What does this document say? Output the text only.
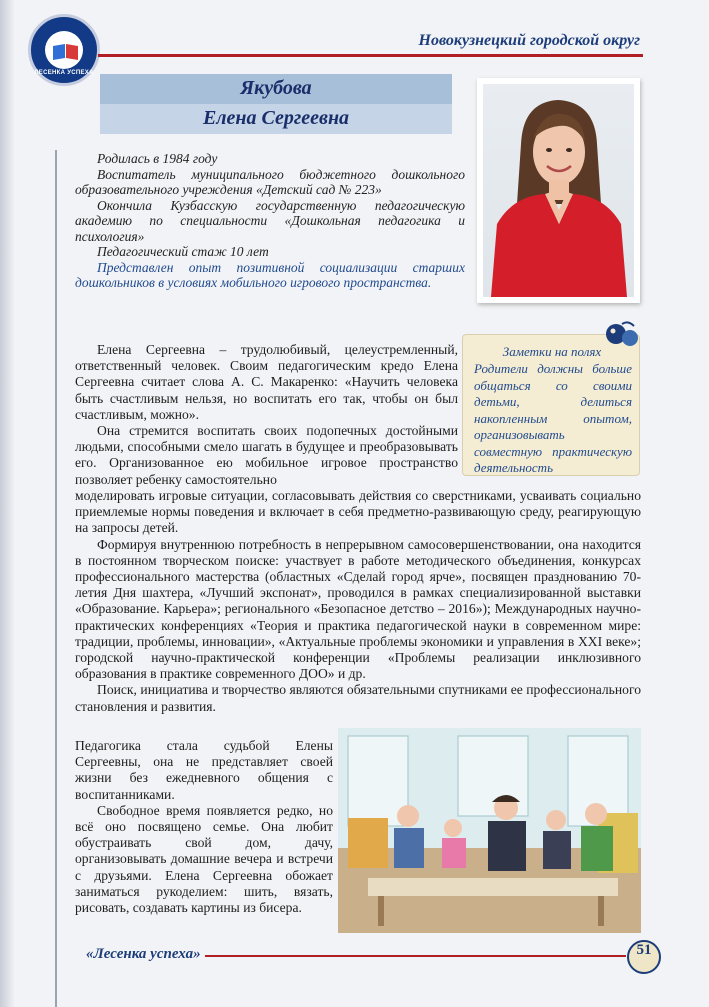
ЛЕСЕНКА УСПЕХА
Новокузнецкий городской округ
Якубова
Елена Сергеевна

Родилась в 1984 году

Воспитатель муниципального бюджетного дошкольного образовательного учреждения «Детский сад № 223»

Окончила Кузбасскую государственную педагогическую академию по специальности «Дошкольная педагогика и психология»

Педагогический стаж 10 лет

Представлен опыт позитивной социализации старших дошкольников в условиях мобильного игрового пространства.

Заметки на полях
Родители должны больше общаться со своими детьми, делиться накопленным опытом, организовывать совместную практическую деятельность

Елена Сергеевна – трудолюбивый, целеустремленный, ответственный человек. Своим педагогическим кредо Елена Сергеевна считает слова А. С. Макаренко: «Научить человека быть счастливым нельзя, но воспитать его так, чтобы он был счастливым, можно».

Она стремится воспитать своих подопечных достойными людьми, способными смело шагать в будущее и преобразовывать его. Организованное ею мобильное игровое пространство позволяет ребенку самостоятельно

моделировать игровые ситуации, согласовывать действия со сверстниками, усваивать социально приемлемые нормы поведения и включает в себя предметно-развивающую среду, реагирующую на запросы детей.

Формируя внутреннюю потребность в непрерывном самосовершенствовании, она находится в постоянном творческом поиске: участвует в работе методического объединения, конкурсах профессионального мастерства (областных «Сделай город ярче», посвящен празднованию 70-летия Дня шахтера, «Лучший экспонат», проводился в рамках специализированной выставки «Образование. Карьера»; регионального «Безопасное детство – 2016»); Международных научно-практических конференциях «Теория и практика педагогической науки в современном мире: традиции, проблемы, инновации», «Актуальные проблемы экономики и управления в XXI веке»; городской научно-практической конференции «Проблемы реализации инклюзивного образования в практике современного ДОО» и др.

Поиск, инициатива и творчество являются обязательными спутниками ее профессионального становления и развития.

Педагогика стала судьбой Елены Сергеевны, она не представляет своей жизни без ежедневного общения с воспитанниками.

Свободное время появляется редко, но всё оно посвящено семье. Она любит обустраивать свой дом, дачу, организовывать домашние вечера и встречи с друзьями. Елена Сергеевна обожает заниматься рукоделием: шить, вязать, рисовать, создавать картины из бисера.

«Лесенка успеха»	51
